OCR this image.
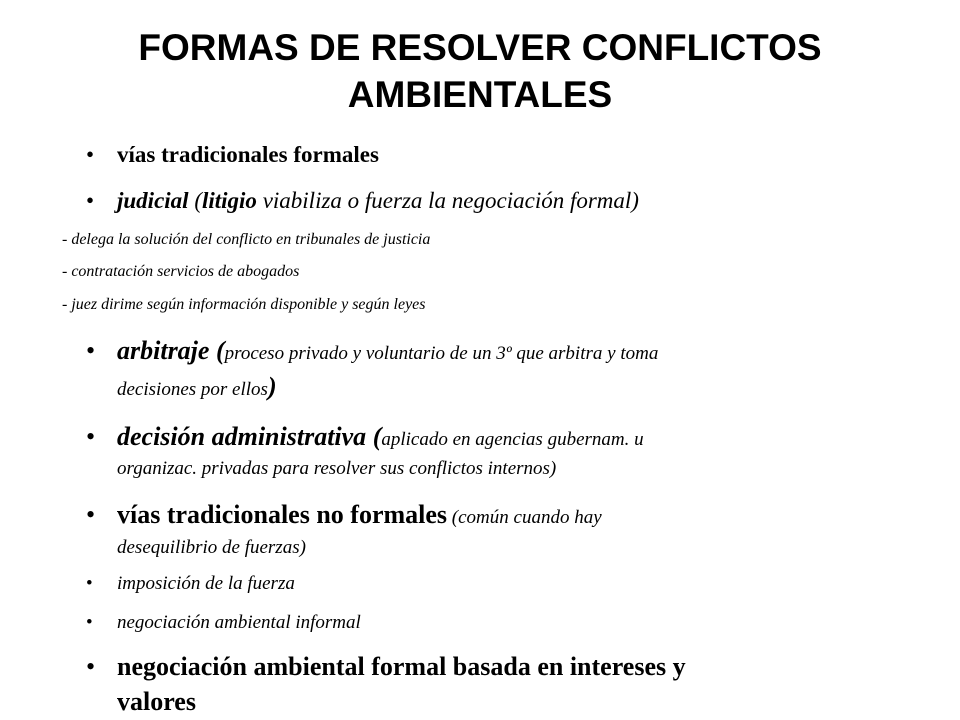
FORMAS DE RESOLVER CONFLICTOS AMBIENTALES
• vías tradicionales formales
• judicial (litigio viabiliza o fuerza la negociación formal)
- delega la solución del conflicto en tribunales de justicia
- contratación servicios de abogados
- juez dirime según información disponible y según leyes
• arbitraje (proceso privado y voluntario de un 3º que arbitra y toma
decisiones por ellos)
• decisión administrativa (aplicado en agencias gubernam. u
organizac. privadas para resolver sus conflictos internos)
• vías tradicionales no formales (común cuando hay
desequilibrio de fuerzas)
• imposición de la fuerza
• negociación ambiental informal
• negociación ambiental formal basada en intereses y
valores
